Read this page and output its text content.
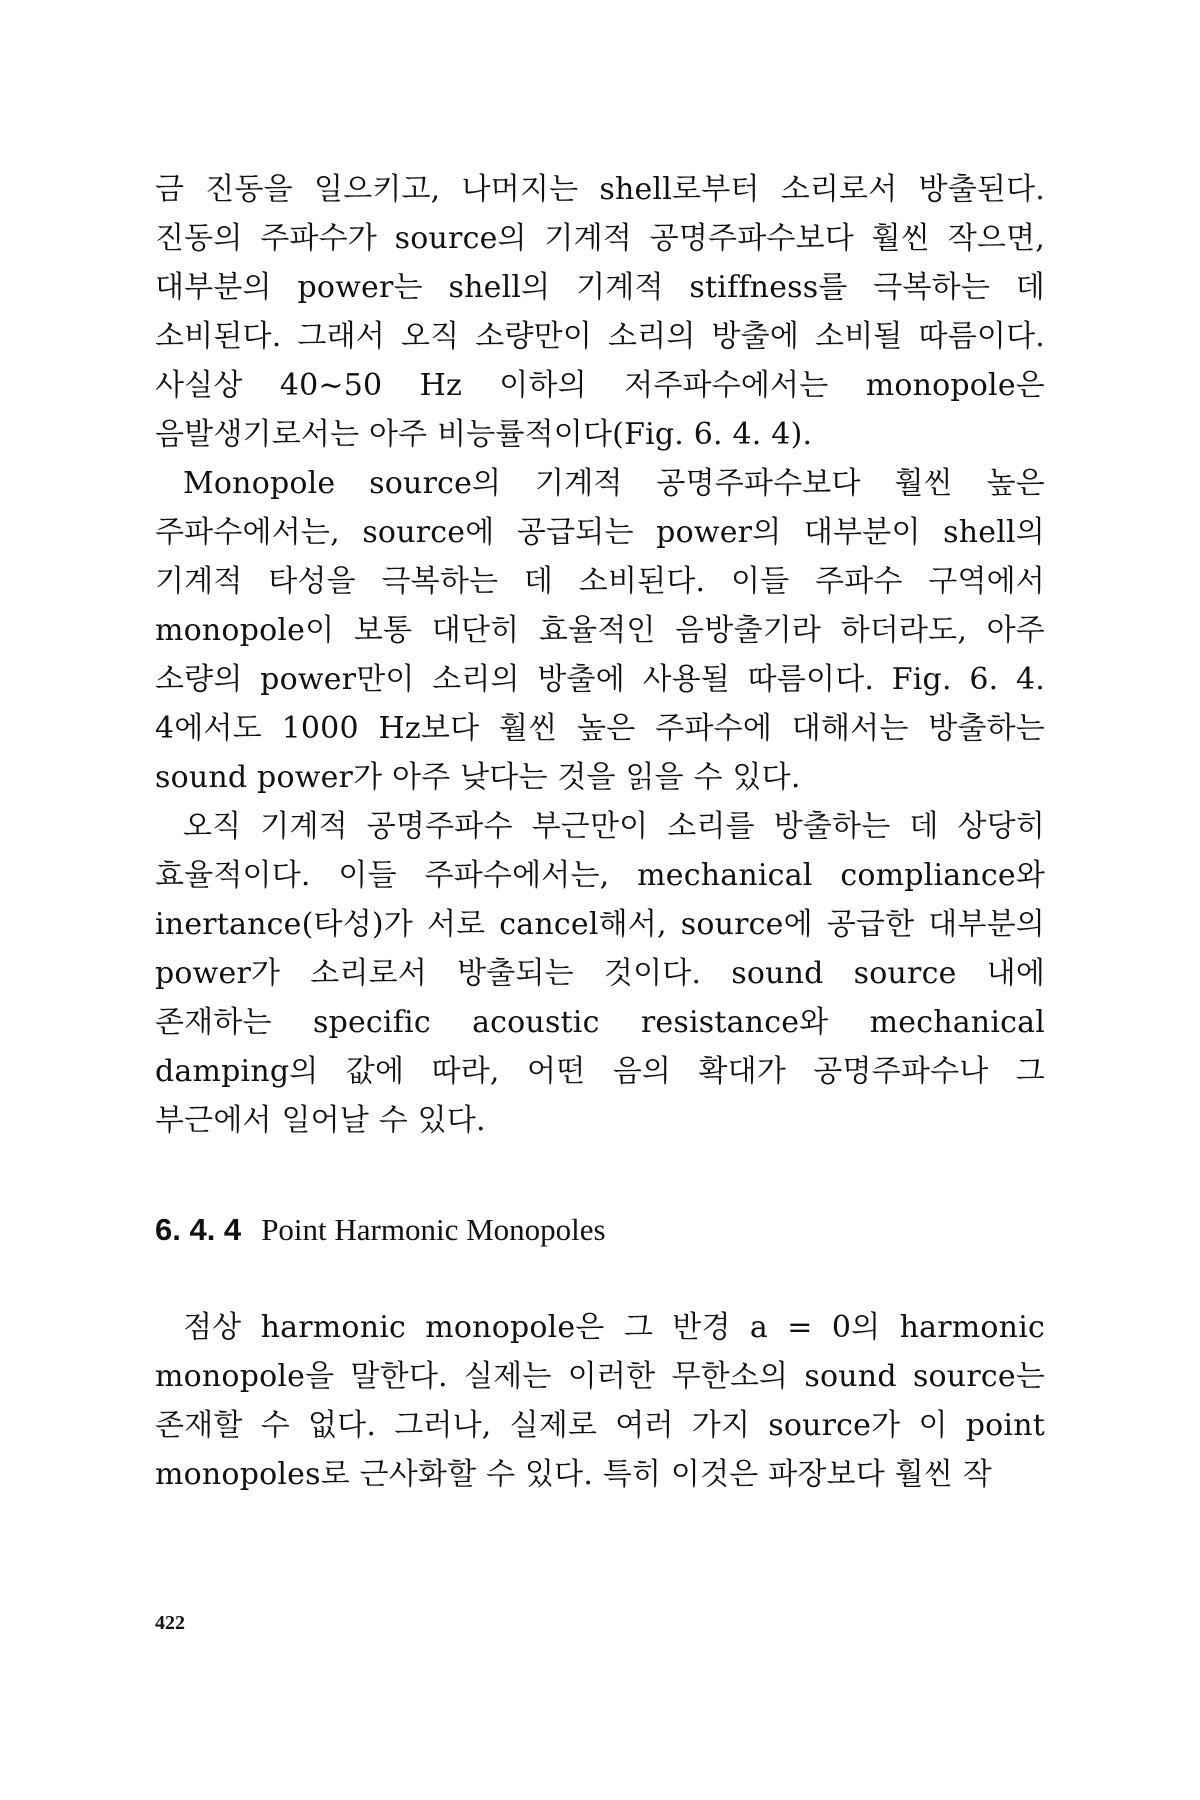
금 진동을 일으키고, 나머지는 shell로부터 소리로서 방출된다. 진동의 주파수가 source의 기계적 공명주파수보다 훨씬 작으면, 대부분의 power는 shell의 기계적 stiffness를 극복하는 데 소비된다. 그래서 오직 소량만이 소리의 방출에 소비될 따름이다. 사실상 40~50 Hz 이하의 저주파수에서는 monopole은 음발생기로서는 아주 비능률적이다(Fig. 6. 4. 4).

Monopole source의 기계적 공명주파수보다 훨씬 높은 주파수에서는, source에 공급되는 power의 대부분이 shell의 기계적 타성을 극복하는 데 소비된다. 이들 주파수 구역에서 monopole이 보통 대단히 효율적인 음방출기라 하더라도, 아주 소량의 power만이 소리의 방출에 사용될 따름이다. Fig. 6. 4. 4에서도 1000 Hz보다 훨씬 높은 주파수에 대해서는 방출하는 sound power가 아주 낮다는 것을 읽을 수 있다.

오직 기계적 공명주파수 부근만이 소리를 방출하는 데 상당히 효율적이다. 이들 주파수에서는, mechanical compliance와 inertance(타성)가 서로 cancel해서, source에 공급한 대부분의 power가 소리로서 방출되는 것이다. sound source 내에 존재하는 specific acoustic resistance와 mechanical damping의 값에 따라, 어떤 음의 확대가 공명주파수나 그 부근에서 일어날 수 있다.

6. 4. 4 Point Harmonic Monopoles

점상 harmonic monopole은 그 반경 a = 0의 harmonic monopole을 말한다. 실제는 이러한 무한소의 sound source는 존재할 수 없다. 그러나, 실제로 여러 가지 source가 이 point monopoles로 근사화할 수 있다. 특히 이것은 파장보다 훨씬 작

422
